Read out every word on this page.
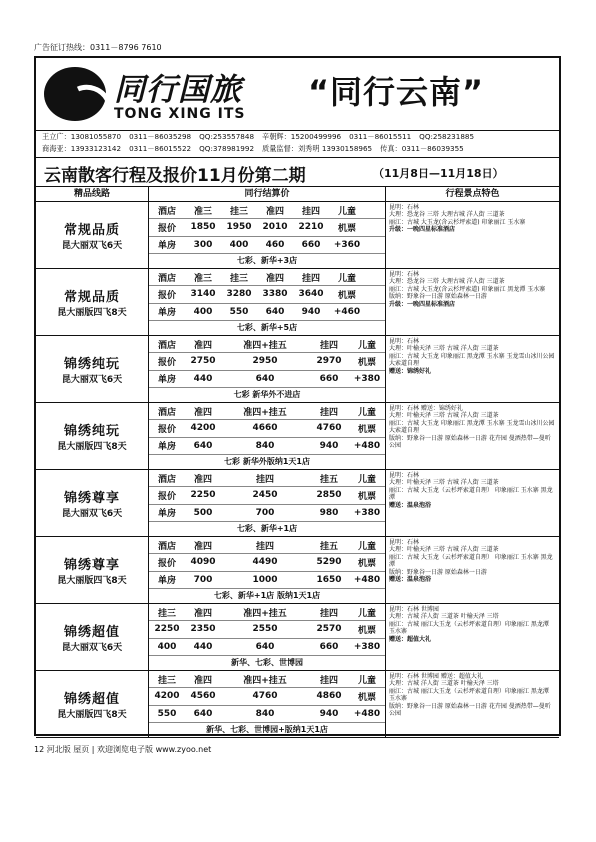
广告征订热线：0311－8796 7610
同行国旅
TONG XING ITS
“同行云南”
王立广：13081055870 0311－86035298 QQ:253557848 辛朝辉：15200499996 0311－86015511 QQ:258231885
商海亚：13933123142 0311－86015522 QQ:378981992 质量监督：刘秀明 13930158965 传真：0311－86039355
云南散客行程及报价11月份第二期	（11月8日—11月18日）
精品线路	同行结算价	行程景点特色
常规品质
昆大丽双飞6天
酒店	准三	挂三	准四	挂四	儿童
报价	1850	1950	2010	2210	机票
单房	300	400	460	660	+360
七彩、新华+3店
昆明：石林
大理：恐龙谷 三塔 大理古城 洋人街 三道茶
丽江：古城 大玉龙(含云杉坪索道) 印象丽江 玉水寨
升级：一晚四星标准酒店
常规品质
昆大丽版四飞8天
酒店	准三	挂三	准四	挂四	儿童
报价	3140	3280	3380	3640	机票
单房	400	550	640	940	+460
七彩、新华+5店
昆明：石林
大理：恐龙谷 三塔 大理古城 洋人街 三道茶
丽江：古城 大玉龙(含云杉坪索道) 印象丽江 黑龙潭 玉水寨
版纳：野象谷一日游 原始森林一日游
升级：一晚四星标准酒店
锦绣纯玩
昆大丽双飞6天
酒店	准四	准四+挂五	挂四	儿童
报价	2750	2950	2970	机票
单房	440	640	660	+380
七彩 新华外不进店
昆明：石林
大理：叶榆天泽 三塔 古城 洋人街 三道茶
丽江：古城 大玉龙 印象丽江 黑龙潭 玉水寨 玉龙雪山冰川公园大索道自理
赠送：锦绣好礼
锦绣纯玩
昆大丽版四飞8天
酒店	准四	准四+挂五	挂四	儿童
报价	4200	4660	4760	机票
单房	640	840	940	+480
七彩 新华外版纳1天1店
昆明：石林 赠送：锦绣好礼
大理：叶榆天泽 三塔 古城 洋人街 三道茶
丽江：古城 大玉龙 印象丽江 黑龙潭 玉水寨 玉龙雪山冰川公园大索道自理
版纳：野象谷一日游 原始森林一日游 花卉园 曼洒热带—曼听公园
锦绣尊享
昆大丽双飞6天
酒店	准四	挂四	挂五	儿童
报价	2250	2450	2850	机票
单房	500	700	980	+380
七彩、新华+1店
昆明：石林
大理：叶榆天泽 三塔 古城 洋人街 三道茶
丽江：古城 大玉龙（云杉坪索道自理） 印象丽江 玉水寨 黑龙潭
赠送：温泉泡浴
锦绣尊享
昆大丽版四飞8天
酒店	准四	挂四	挂五	儿童
报价	4090	4490	5290	机票
单房	700	1000	1650	+480
七彩、新华+1店 版纳1天1店
昆明：石林
大理：叶榆天泽 三塔 古城 洋人街 三道茶
丽江：古城 大玉龙（云杉坪索道自理） 印象丽江 玉水寨 黑龙潭
版纳：野象谷一日游 原始森林一日游
赠送：温泉泡浴
锦绣超值
昆大丽双飞6天
挂三	准四	准四+挂五	挂四	儿童
2250	2350	2550	2570	机票
400	440	640	660	+380
新华、七彩、世博园
昆明：石林 世博园
大理：古城 洋人街 三道茶 叶榆天泽 三塔
丽江：古城 丽江大玉龙（云杉坪索道自理）印象丽江 黑龙潭 玉水寨
赠送：超值大礼
锦绣超值
昆大丽版四飞8天
挂三	准四	准四+挂五	挂四	儿童
4200	4560	4760	4860	机票
550	640	840	940	+480
新华、七彩、世博园+版纳1天1店
昆明：石林 世博园 赠送：超值大礼
大理：古城 洋人街 三道茶 叶榆天泽 三塔
丽江：古城 丽江大玉龙（云杉坪索道自理）印象丽江 黑龙潭 玉水寨
版纳：野象谷一日游 原始森林一日游 花卉园 曼洒热带—曼听公园
12 河北版 屋页 | 欢迎浏览电子版 www.zyoo.net
